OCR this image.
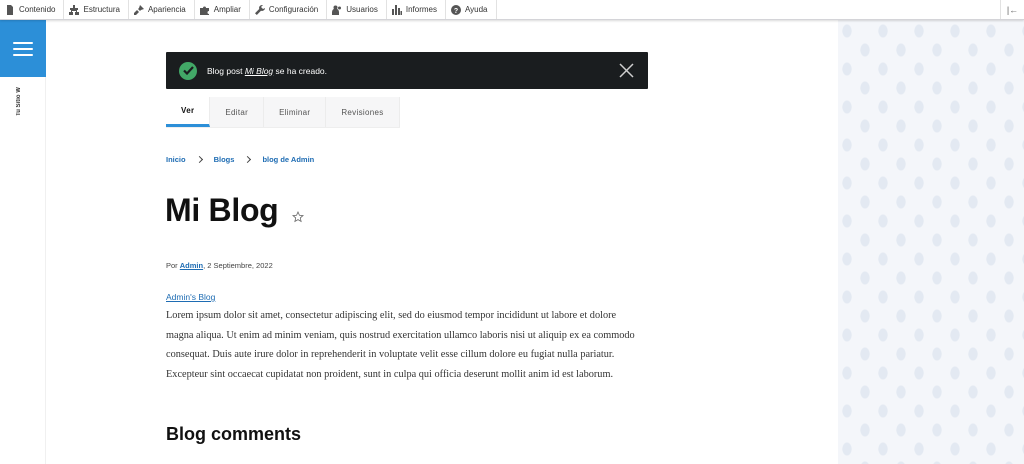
Contenido	Estructura	Apariencia	Ampliar	Configuración	Usuarios	Informes ? Ayuda	|←
Tu Sitio W
Blog post Mi Blog se ha creado.
Ver	Editar	Eliminar	Revisiones
Inicio	Blogs	blog de Admin
Mi Blog
Por Admin, 2 Septiembre, 2022
Admin's Blog

Lorem ipsum dolor sit amet, consectetur adipiscing elit, sed do eiusmod tempor incididunt ut labore et dolore magna aliqua. Ut enim ad minim veniam, quis nostrud exercitation ullamco laboris nisi ut aliquip ex ea commodo consequat. Duis aute irure dolor in reprehenderit in voluptate velit esse cillum dolore eu fugiat nulla pariatur. Excepteur sint occaecat cupidatat non proident, sunt in culpa qui officia deserunt mollit anim id est laborum.

Blog comments
